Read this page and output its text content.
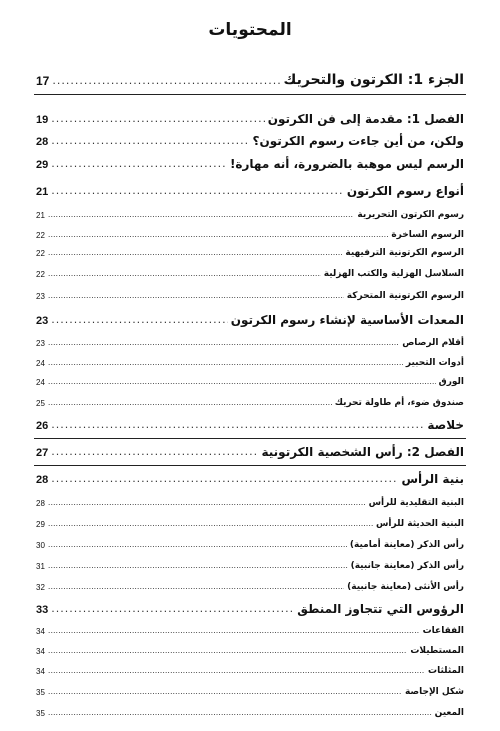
المحتويات
الجزء 1: الكرتون والتحريك
.....
17
الفصل 1: مقدمة إلى فن الكرتون
.....
19
ولكن، من أين جاءت رسوم الكرتون؟
.....
28
الرسم ليس موهبة بالضرورة، أنه مهارة!
.....
29
أنواع رسوم الكرتون
.....
21
رسوم الكرتون التحريرية
.....
21
الرسوم الساخرة
.....
22
الرسوم الكرتونية الترفيهية
.....
22
السلاسل الهزلية والكتب الهزلية
.....
22
الرسوم الكرتونية المتحركة
.....
23
المعدات الأساسية لإنشاء رسوم الكرتون
.....
23
أقلام الرصاص
.....
23
أدوات التحبير
.....
24
الورق
.....
24
صندوق ضوء، أم طاولة تحريك
.....
25
خلاصة
.....
26
الفصل 2: رأس الشخصية الكرتونية
.....
27
بنية الرأس
.....
28
البنية التقليدية للرأس
.....
28
البنية الحديثة للرأس
.....
29
رأس الذكر (معاينة أمامية)
.....
30
رأس الذكر (معاينة جانبية)
.....
31
رأس الأنثى (معاينة جانبية)
.....
32
الرؤوس التي تتجاوز المنطق
.....
33
الفقاعات
.....
34
المستطيلات
.....
34
المثلثات
.....
34
شكل الإجاصة
.....
35
المعين
.....
35
